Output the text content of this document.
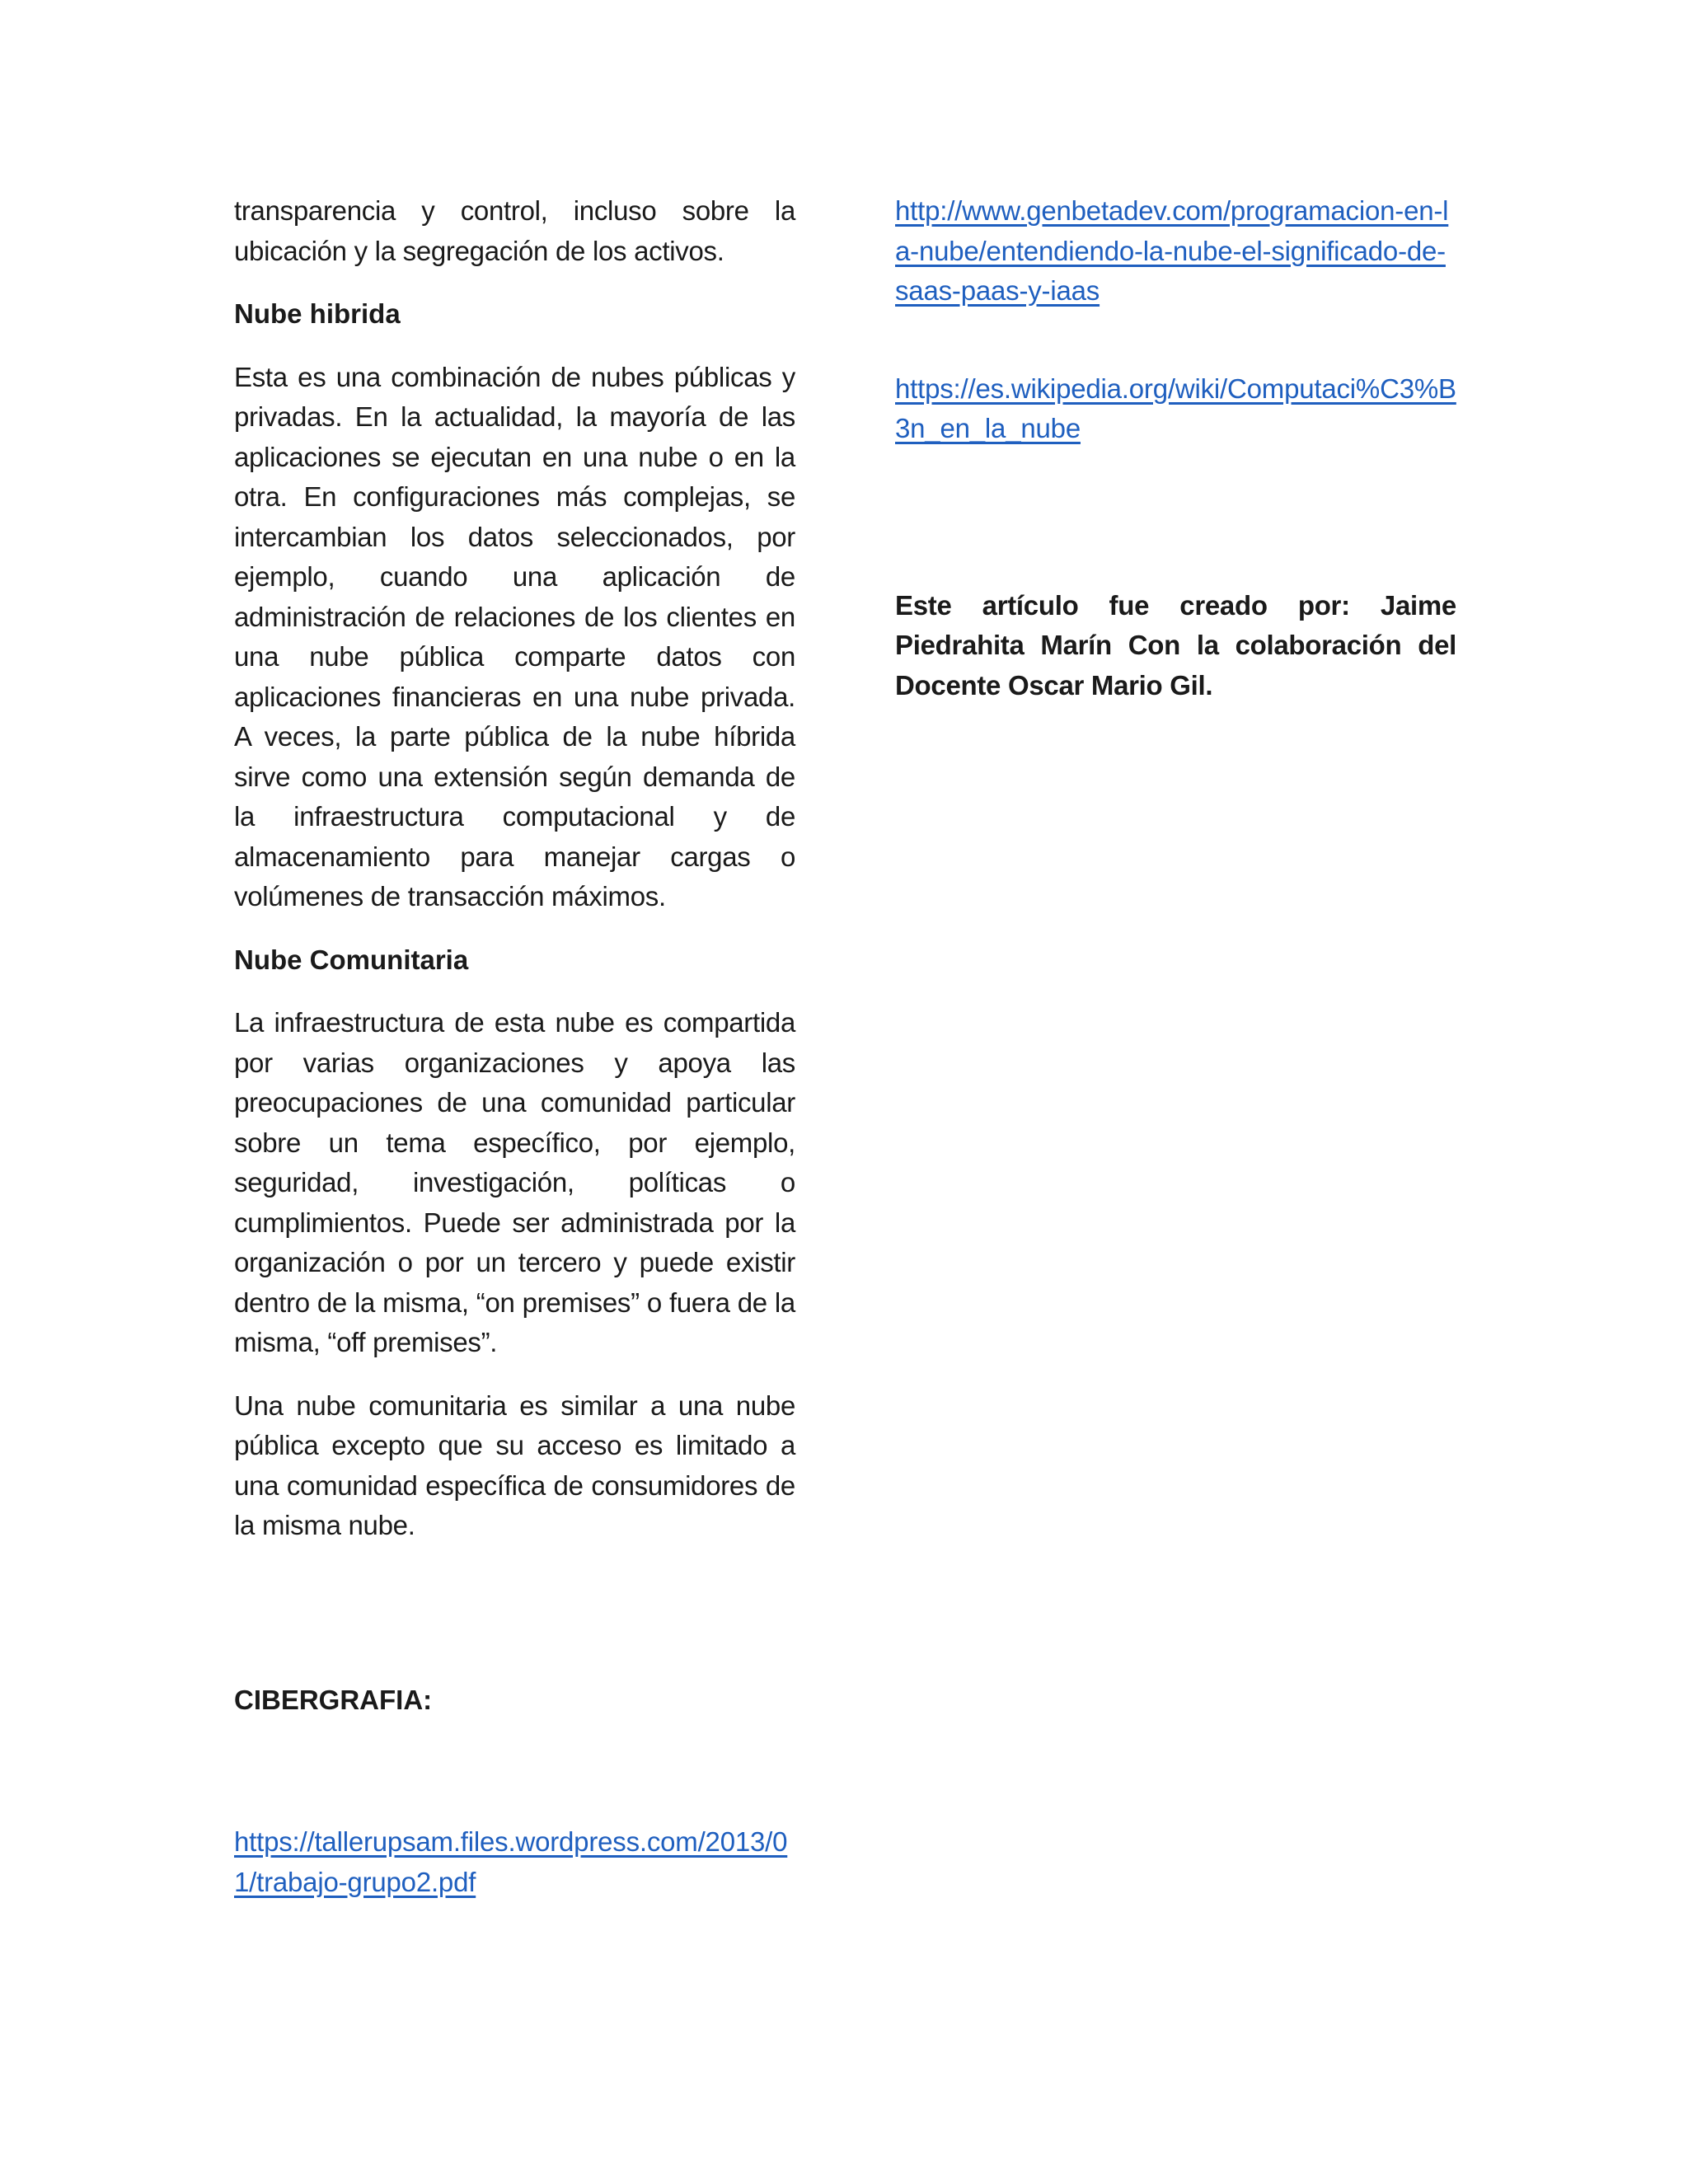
transparencia y control, incluso sobre la ubicación y la segregación de los activos.

Nube hibrida

Esta es una combinación de nubes públicas y privadas. En la actualidad, la mayoría de las aplicaciones se ejecutan en una nube o en la otra. En configuraciones más complejas, se intercambian los datos seleccionados, por ejemplo, cuando una aplicación de administración de relaciones de los clientes en una nube pública comparte datos con aplicaciones financieras en una nube privada. A veces, la parte pública de la nube híbrida sirve como una extensión según demanda de la infraestructura computacional y de almacenamiento para manejar cargas o volúmenes de transacción máximos.

Nube Comunitaria

La infraestructura de esta nube es compartida por varias organizaciones y apoya las preocupaciones de una comunidad particular sobre un tema específico, por ejemplo, seguridad, investigación, políticas o cumplimientos. Puede ser administrada por la organización o por un tercero y puede existir dentro de la misma, “on premises” o fuera de la misma, “off premises”.

Una nube comunitaria es similar a una nube pública excepto que su acceso es limitado a una comunidad específica de consumidores de la misma nube.

CIBERGRAFIA:
https://tallerupsam.files.wordpress.com/2013/01/trabajo-grupo2.pdf
http://www.genbetadev.com/programacion-en-la-nube/entendiendo-la-nube-el-significado-de-saas-paas-y-iaas
https://es.wikipedia.org/wiki/Computaci%C3%B3n_en_la_nube

Este artículo fue creado por: Jaime Piedrahita Marín Con la colaboración del Docente Oscar Mario Gil.
